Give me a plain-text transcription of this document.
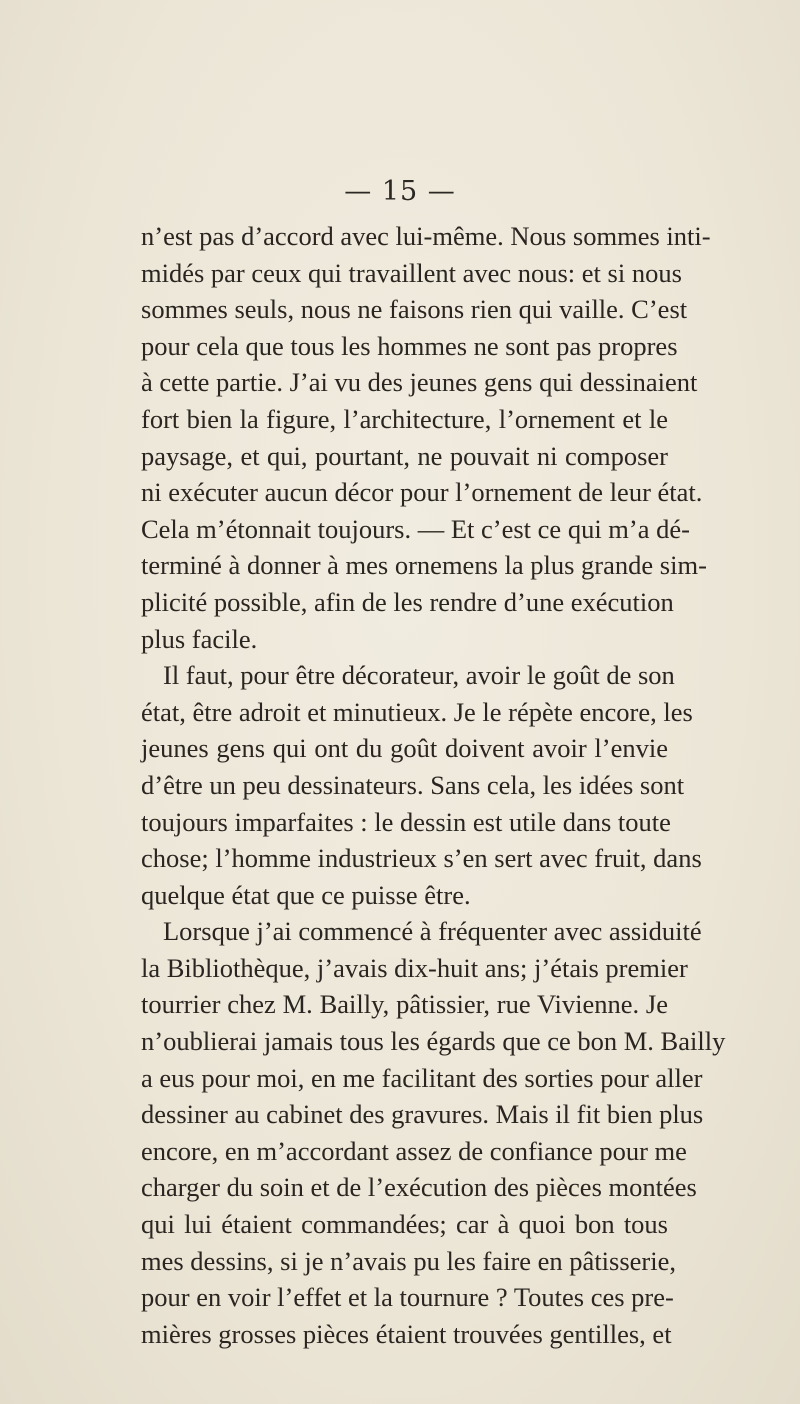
— 15 —
n’est pas d’accord avec lui-même. Nous sommes inti-
midés par ceux qui travaillent avec nous: et si nous
sommes seuls, nous ne faisons rien qui vaille. C’est
pour cela que tous les hommes ne sont pas propres
à cette partie. J’ai vu des jeunes gens qui dessinaient
fort bien la figure, l’architecture, l’ornement et le
paysage, et qui, pourtant, ne pouvait ni composer
ni exécuter aucun décor pour l’ornement de leur état.
Cela m’étonnait toujours. — Et c’est ce qui m’a dé-
terminé à donner à mes ornemens la plus grande sim-
plicité possible, afin de les rendre d’une exécution
plus facile.
Il faut, pour être décorateur, avoir le goût de son
état, être adroit et minutieux. Je le répète encore, les
jeunes gens qui ont du goût doivent avoir l’envie
d’être un peu dessinateurs. Sans cela, les idées sont
toujours imparfaites : le dessin est utile dans toute
chose; l’homme industrieux s’en sert avec fruit, dans
quelque état que ce puisse être.
Lorsque j’ai commencé à fréquenter avec assiduité
la Bibliothèque, j’avais dix-huit ans; j’étais premier
tourrier chez M. Bailly, pâtissier, rue Vivienne. Je
n’oublierai jamais tous les égards que ce bon M. Bailly
a eus pour moi, en me facilitant des sorties pour aller
dessiner au cabinet des gravures. Mais il fit bien plus
encore, en m’accordant assez de confiance pour me
charger du soin et de l’exécution des pièces montées
qui lui étaient commandées; car à quoi bon tous
mes dessins, si je n’avais pu les faire en pâtisserie,
pour en voir l’effet et la tournure ? Toutes ces pre-
mières grosses pièces étaient trouvées gentilles, et
